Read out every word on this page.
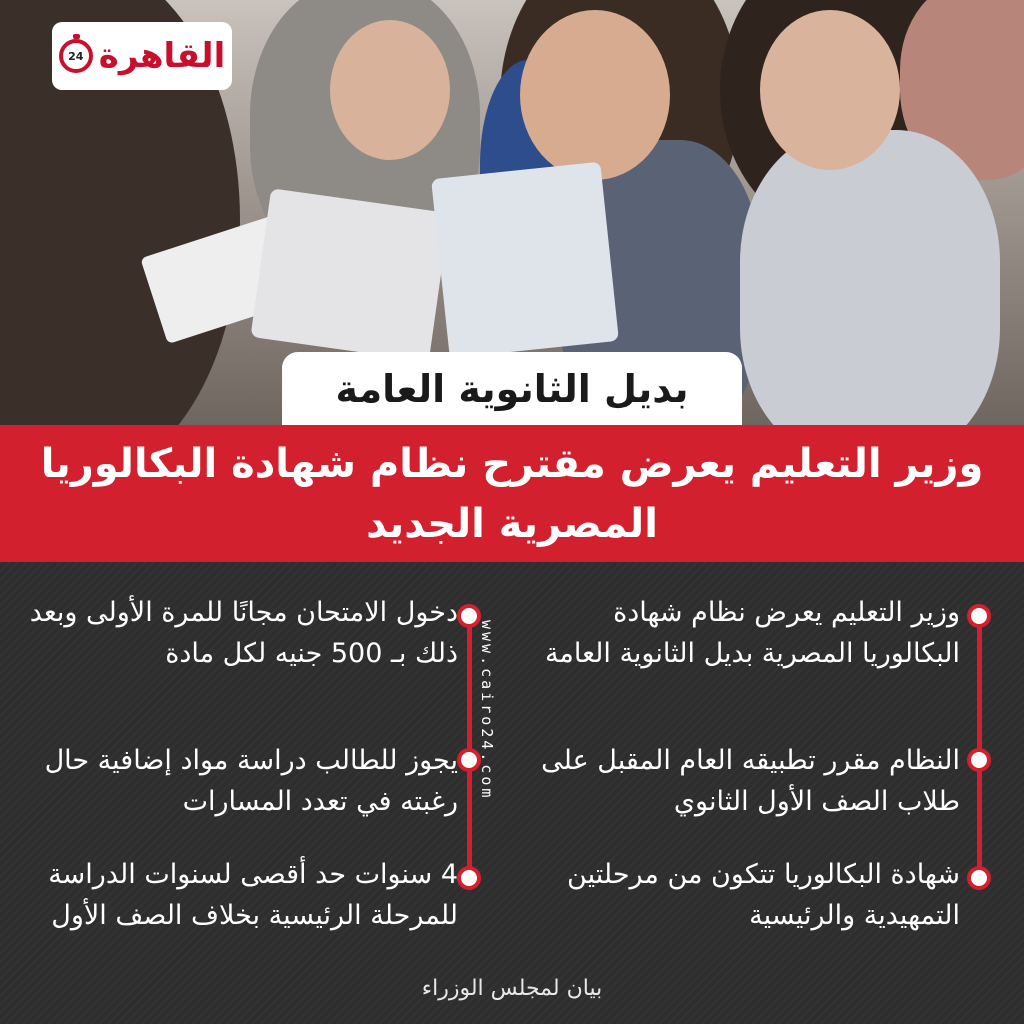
القاهرة
24
بديل الثانوية العامة
وزير التعليم يعرض مقترح نظام شهادة البكالوريا المصرية الجديد
وزير التعليم يعرض نظام شهادة البكالوريا المصرية بديل الثانوية العامة
النظام مقرر تطبيقه العام المقبل على طلاب الصف الأول الثانوي
شهادة البكالوريا تتكون من مرحلتين التمهيدية والرئيسية
دخول الامتحان مجانًا للمرة الأولى وبعد ذلك بـ 500 جنيه لكل مادة
يجوز للطالب دراسة مواد إضافية حال رغبته في تعدد المسارات
4 سنوات حد أقصى لسنوات الدراسة للمرحلة الرئيسية بخلاف الصف الأول
www.cairo24.com
بيان لمجلس الوزراء
